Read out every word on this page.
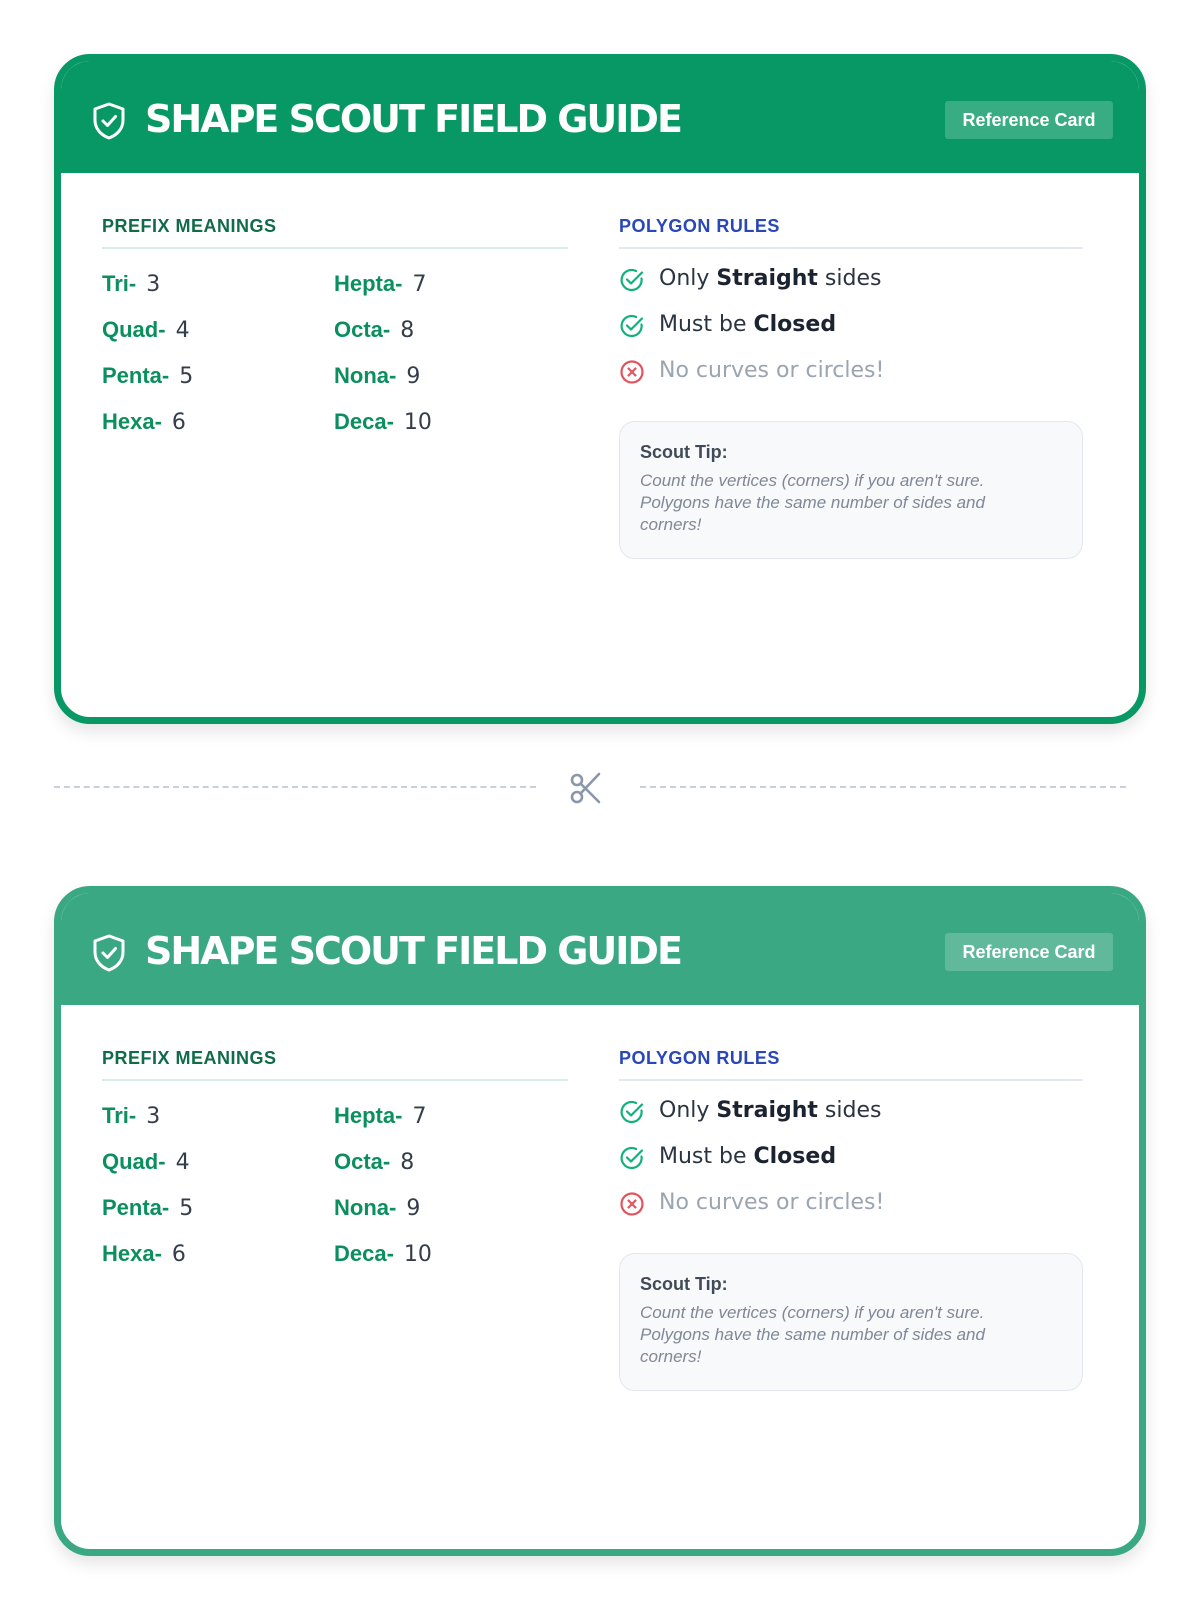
SHAPE SCOUT FIELD GUIDE	Reference Card
PREFIX MEANINGS
Tri- 3
Quad- 4
Penta- 5
Hexa- 6
Hepta- 7
Octa- 8
Nona- 9
Deca- 10
POLYGON RULES
Only Straight sides
Must be Closed
No curves or circles!
Scout Tip:
Count the vertices (corners) if you aren't sure.
Polygons have the same number of sides and
corners!
SHAPE SCOUT FIELD GUIDE	Reference Card
PREFIX MEANINGS
Tri- 3
Quad- 4
Penta- 5
Hexa- 6
Hepta- 7
Octa- 8
Nona- 9
Deca- 10
POLYGON RULES
Only Straight sides
Must be Closed
No curves or circles!
Scout Tip:
Count the vertices (corners) if you aren't sure.
Polygons have the same number of sides and
corners!
